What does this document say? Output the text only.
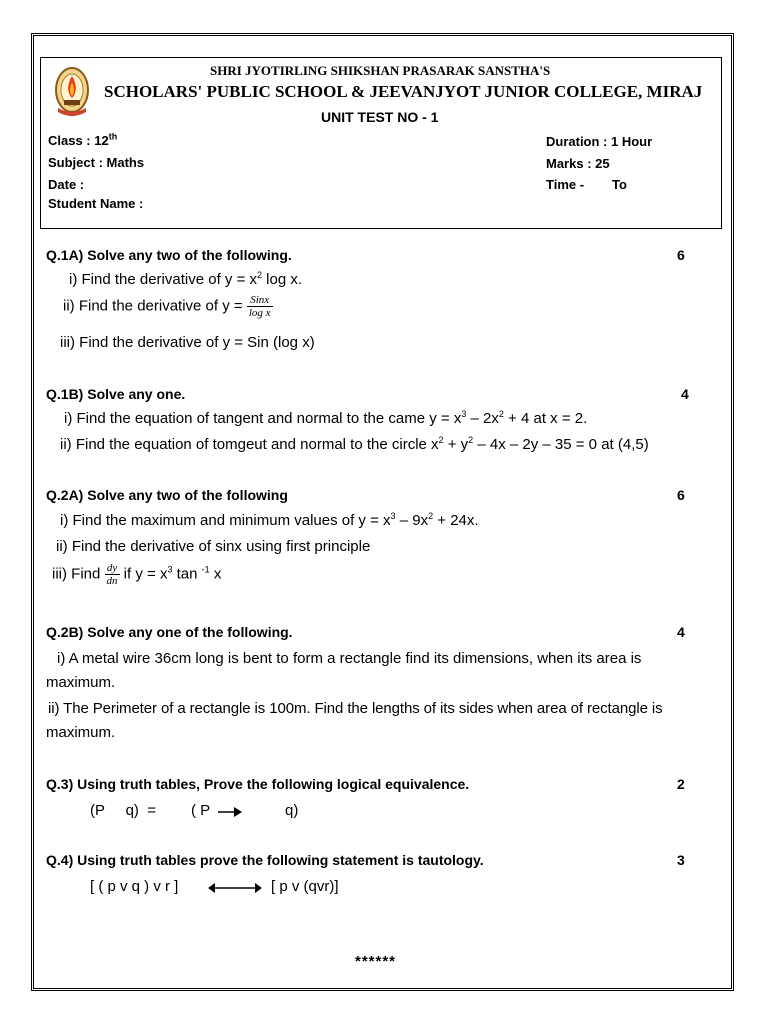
SHRI JYOTIRLING SHIKSHAN PRASARAK SANSTHA'S
SCHOLARS' PUBLIC SCHOOL & JEEVANJYOT JUNIOR COLLEGE, MIRAJ
UNIT TEST NO - 1
Class : 12th
Subject : Maths
Date :
Student Name :
Duration : 1 Hour
Marks : 25
Time - To
Q.1A) Solve any two of the following.	6
i) Find the derivative of $y = x^2$ log x.
ii) Find the derivative of $y = \frac{\text{Sinx}}{\text{log x}}$
iii) Find the derivative of y = Sin (log x)
Q.1B) Solve any one.	4
i) Find the equation of tangent and normal to the came $y = x^3 - 2x^2 + 4$ at x = 2.
ii) Find the equation of tomgeut and normal to the circle $x^2 + y^2 - 4x - 2y - 35 = 0$ at (4,5)
Q.2A) Solve any two of the following	6
i) Find the maximum and minimum values of $y = x^3 - 9x^2 + 24x$.
ii) Find the derivative of sinx using first principle
iii) Find $\frac{dy}{dn}$ if $y = x^3$ tan $^{-1}$ x
Q.2B) Solve any one of the following.	4
i) A metal wire 36cm long is bent to form a rectangle find its dimensions, when its area is
maximum.
ii) The Perimeter of a rectangle is 100m. Find the lengths of its sides when area of rectangle is
maximum.
Q.3) Using truth tables, Prove the following logical equivalence.	2
(P     q)  = ( P	q)
Q.4) Using truth tables prove the following statement is tautology.	3
[ ( p v q ) v r ]	[ p v (qvr)]
******
